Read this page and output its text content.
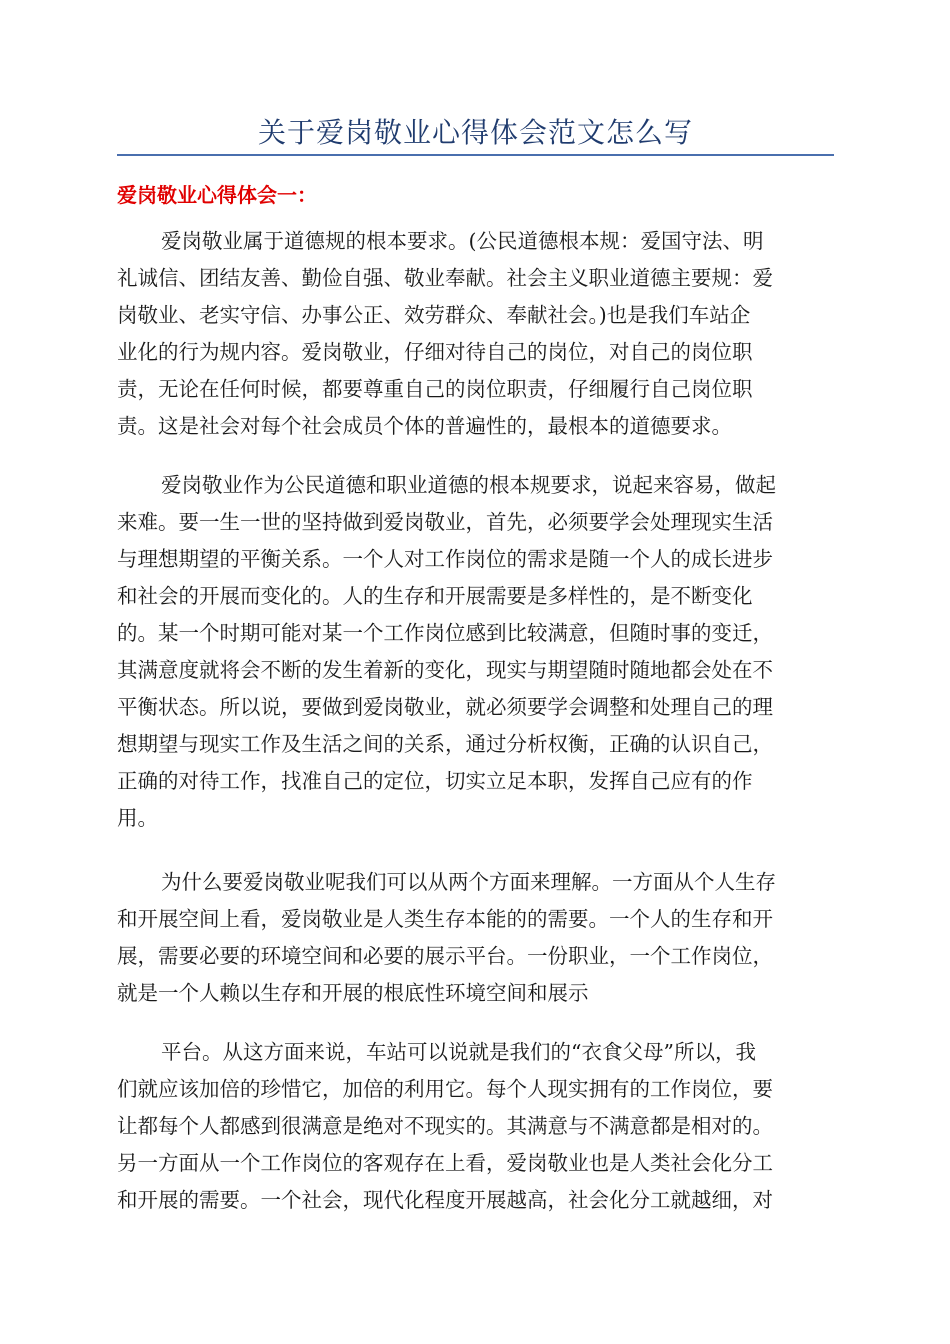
关于爱岗敬业心得体会范文怎么写
爱岗敬业心得体会一：
爱岗敬业属于道德规的根本要求。(公民道德根本规：爱国守法、明
礼诚信、团结友善、勤俭自强、敬业奉献。社会主义职业道德主要规：爱
岗敬业、老实守信、办事公正、效劳群众、奉献社会。)也是我们车站企
业化的行为规内容。爱岗敬业，仔细对待自己的岗位，对自己的岗位职
责，无论在任何时候，都要尊重自己的岗位职责，仔细履行自己岗位职
责。这是社会对每个社会成员个体的普遍性的，最根本的道德要求。
爱岗敬业作为公民道德和职业道德的根本规要求，说起来容易，做起
来难。要一生一世的坚持做到爱岗敬业，首先，必须要学会处理现实生活
与理想期望的平衡关系。一个人对工作岗位的需求是随一个人的成长进步
和社会的开展而变化的。人的生存和开展需要是多样性的，是不断变化
的。某一个时期可能对某一个工作岗位感到比较满意，但随时事的变迁，
其满意度就将会不断的发生着新的变化，现实与期望随时随地都会处在不
平衡状态。所以说，要做到爱岗敬业，就必须要学会调整和处理自己的理
想期望与现实工作及生活之间的关系，通过分析权衡，正确的认识自己，
正确的对待工作，找准自己的定位，切实立足本职，发挥自己应有的作
用。
为什么要爱岗敬业呢我们可以从两个方面来理解。一方面从个人生存
和开展空间上看，爱岗敬业是人类生存本能的的需要。一个人的生存和开
展，需要必要的环境空间和必要的展示平台。一份职业，一个工作岗位，
就是一个人赖以生存和开展的根底性环境空间和展示
平台。从这方面来说，车站可以说就是我们的“衣食父母”所以，我
们就应该加倍的珍惜它，加倍的利用它。每个人现实拥有的工作岗位，要
让都每个人都感到很满意是绝对不现实的。其满意与不满意都是相对的。
另一方面从一个工作岗位的客观存在上看，爱岗敬业也是人类社会化分工
和开展的需要。一个社会，现代化程度开展越高，社会化分工就越细，对
